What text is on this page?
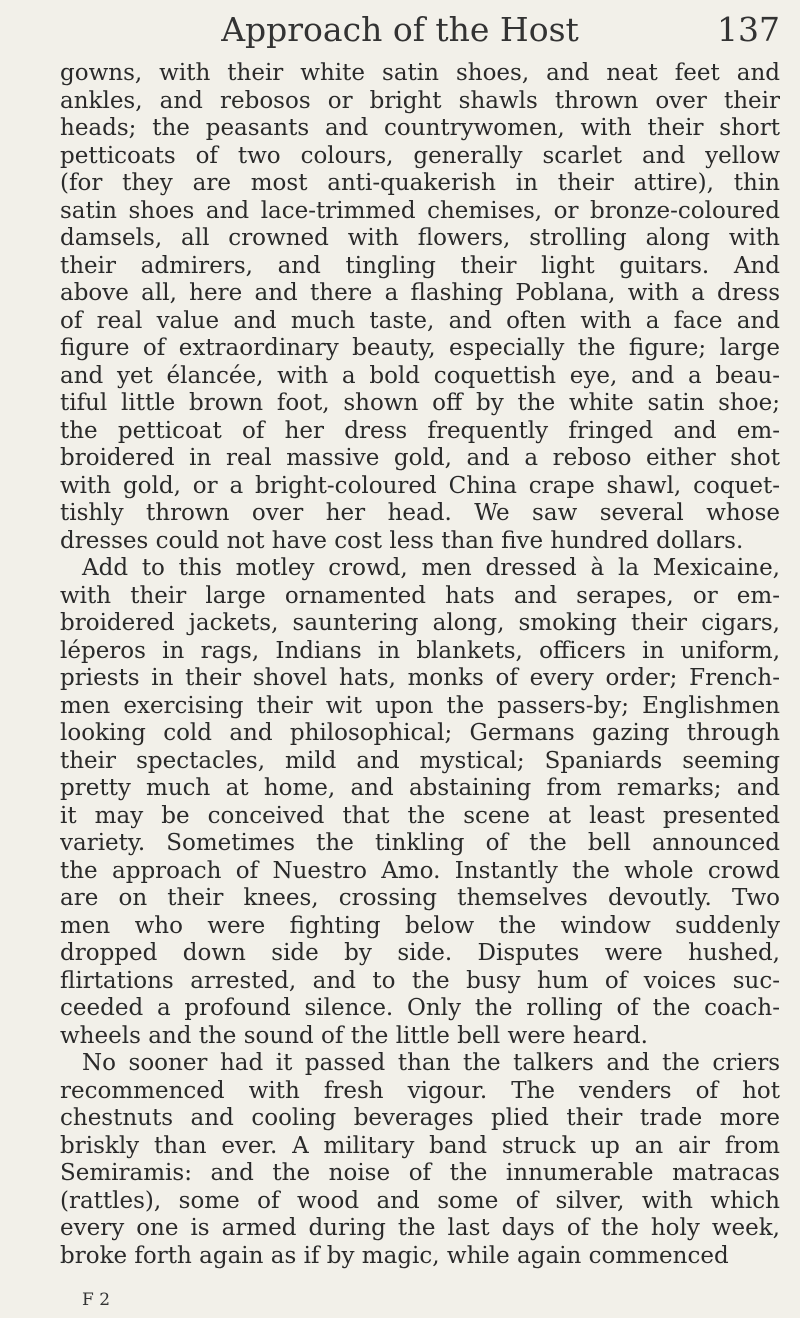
Approach of the Host	137
gowns, with their white satin shoes, and neat feet and
ankles, and rebosos or bright shawls thrown over their
heads; the peasants and countrywomen, with their short
petticoats of two colours, generally scarlet and yellow
(for they are most anti-quakerish in their attire), thin
satin shoes and lace-trimmed chemises, or bronze-coloured
damsels, all crowned with flowers, strolling along with
their admirers, and tingling their light guitars. And
above all, here and there a flashing Poblana, with a dress
of real value and much taste, and often with a face and
figure of extraordinary beauty, especially the figure; large
and yet élancée, with a bold coquettish eye, and a beau-
tiful little brown foot, shown off by the white satin shoe;
the petticoat of her dress frequently fringed and em-
broidered in real massive gold, and a reboso either shot
with gold, or a bright-coloured China crape shawl, coquet-
tishly thrown over her head. We saw several whose
dresses could not have cost less than five hundred dollars.
Add to this motley crowd, men dressed à la Mexicaine,
with their large ornamented hats and serapes, or em-
broidered jackets, sauntering along, smoking their cigars,
léperos in rags, Indians in blankets, officers in uniform,
priests in their shovel hats, monks of every order; French-
men exercising their wit upon the passers-by; Englishmen
looking cold and philosophical; Germans gazing through
their spectacles, mild and mystical; Spaniards seeming
pretty much at home, and abstaining from remarks; and
it may be conceived that the scene at least presented
variety. Sometimes the tinkling of the bell announced
the approach of Nuestro Amo. Instantly the whole crowd
are on their knees, crossing themselves devoutly. Two
men who were fighting below the window suddenly
dropped down side by side. Disputes were hushed,
flirtations arrested, and to the busy hum of voices suc-
ceeded a profound silence. Only the rolling of the coach-
wheels and the sound of the little bell were heard.
No sooner had it passed than the talkers and the criers
recommenced with fresh vigour. The venders of hot
chestnuts and cooling beverages plied their trade more
briskly than ever. A military band struck up an air from
Semiramis: and the noise of the innumerable matracas
(rattles), some of wood and some of silver, with which
every one is armed during the last days of the holy week,
broke forth again as if by magic, while again commenced
F 2
